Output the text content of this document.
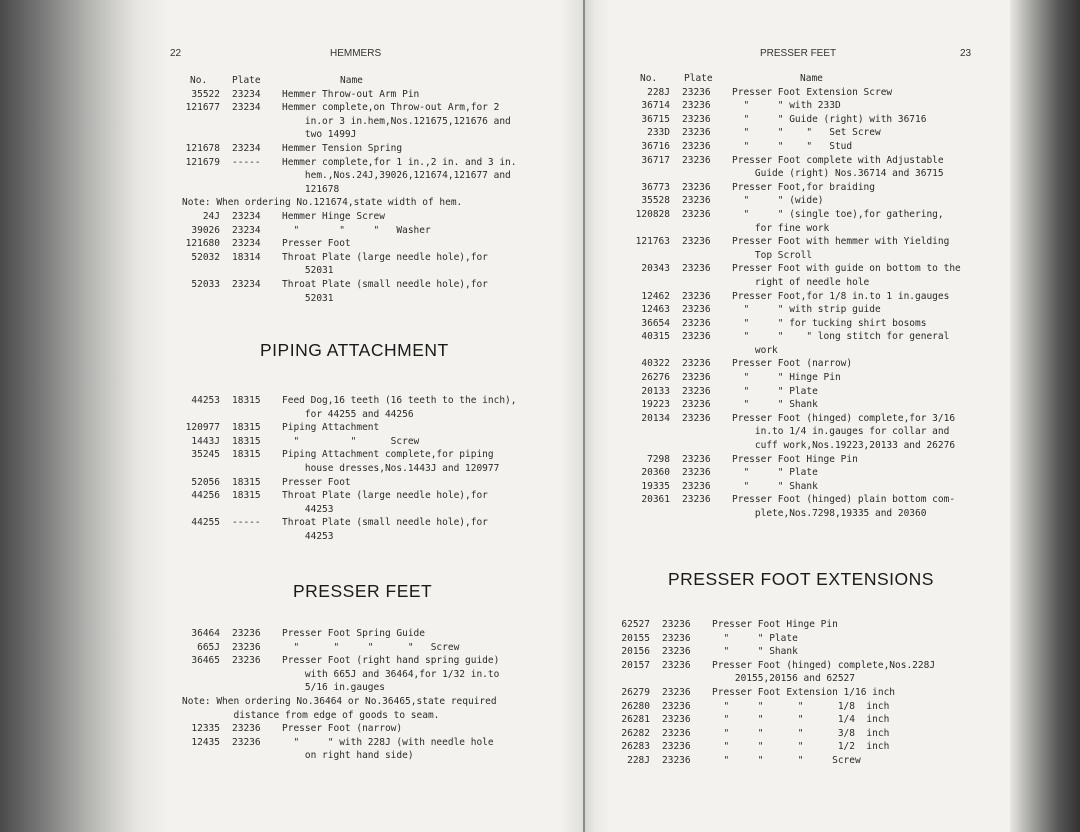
22	HEMMERS
No.	Plate	Name
35522 23234 Hemmer Throw-out Arm Pin
121677 23234 Hemmer complete,on Throw-out Arm,for 2
in.or 3 in.hem,Nos.121675,121676 and
two 1499J
121678 23234 Hemmer Tension Spring
121679 ----- Hemmer complete,for 1 in.,2 in. and 3 in.
hem.,Nos.24J,39026,121674,121677 and
121678
Note: When ordering No.121674,state width of hem.
24J 23234 Hemmer Hinge Screw
39026 23234 "       "     "   Washer
121680 23234 Presser Foot
52032 18314 Throat Plate (large needle hole),for
52031
52033 23234 Throat Plate (small needle hole),for
52031
PIPING ATTACHMENT
44253 18315 Feed Dog,16 teeth (16 teeth to the inch),
for 44255 and 44256
120977 18315 Piping Attachment
1443J 18315 "         "      Screw
35245 18315 Piping Attachment complete,for piping
house dresses,Nos.1443J and 120977
52056 18315 Presser Foot
44256 18315 Throat Plate (large needle hole),for
44253
44255 ----- Throat Plate (small needle hole),for
44253
PRESSER FEET
36464 23236 Presser Foot Spring Guide
665J 23236 "      "     "      "   Screw
36465 23236 Presser Foot (right hand spring guide)
with 665J and 36464,for 1/32 in.to
5/16 in.gauges
Note: When ordering No.36464 or No.36465,state required
distance from edge of goods to seam.
12335 23236 Presser Foot (narrow)
12435 23236 "     " with 228J (with needle hole
on right hand side)
PRESSER FEET	23
No.	Plate	Name
228J 23236 Presser Foot Extension Screw
36714 23236 "     " with 233D
36715 23236 "     " Guide (right) with 36716
233D 23236 "     "    "   Set Screw
36716 23236 "     "    "   Stud
36717 23236 Presser Foot complete with Adjustable
Guide (right) Nos.36714 and 36715
36773 23236 Presser Foot,for braiding
35528 23236 "     " (wide)
120828 23236 "     " (single toe),for gathering,
for fine work
121763 23236 Presser Foot with hemmer with Yielding
Top Scroll
20343 23236 Presser Foot with guide on bottom to the
right of needle hole
12462 23236 Presser Foot,for 1/8 in.to 1 in.gauges
12463 23236 "     " with strip guide
36654 23236 "     " for tucking shirt bosoms
40315 23236 "     "    " long stitch for general
work
40322 23236 Presser Foot (narrow)
26276 23236 "     " Hinge Pin
20133 23236 "     " Plate
19223 23236 "     " Shank
20134 23236 Presser Foot (hinged) complete,for 3/16
in.to 1/4 in.gauges for collar and
cuff work,Nos.19223,20133 and 26276
7298 23236 Presser Foot Hinge Pin
20360 23236 "     " Plate
19335 23236 "     " Shank
20361 23236 Presser Foot (hinged) plain bottom com-
plete,Nos.7298,19335 and 20360
PRESSER FOOT EXTENSIONS
62527 23236 Presser Foot Hinge Pin
20155 23236 "     " Plate
20156 23236 "     " Shank
20157 23236 Presser Foot (hinged) complete,Nos.228J
20155,20156 and 62527
26279 23236 Presser Foot Extension 1/16 inch
26280 23236 "     "      "      1/8  inch
26281 23236 "     "      "      1/4  inch
26282 23236 "     "      "      3/8  inch
26283 23236 "     "      "      1/2  inch
228J 23236 "     "      "     Screw
